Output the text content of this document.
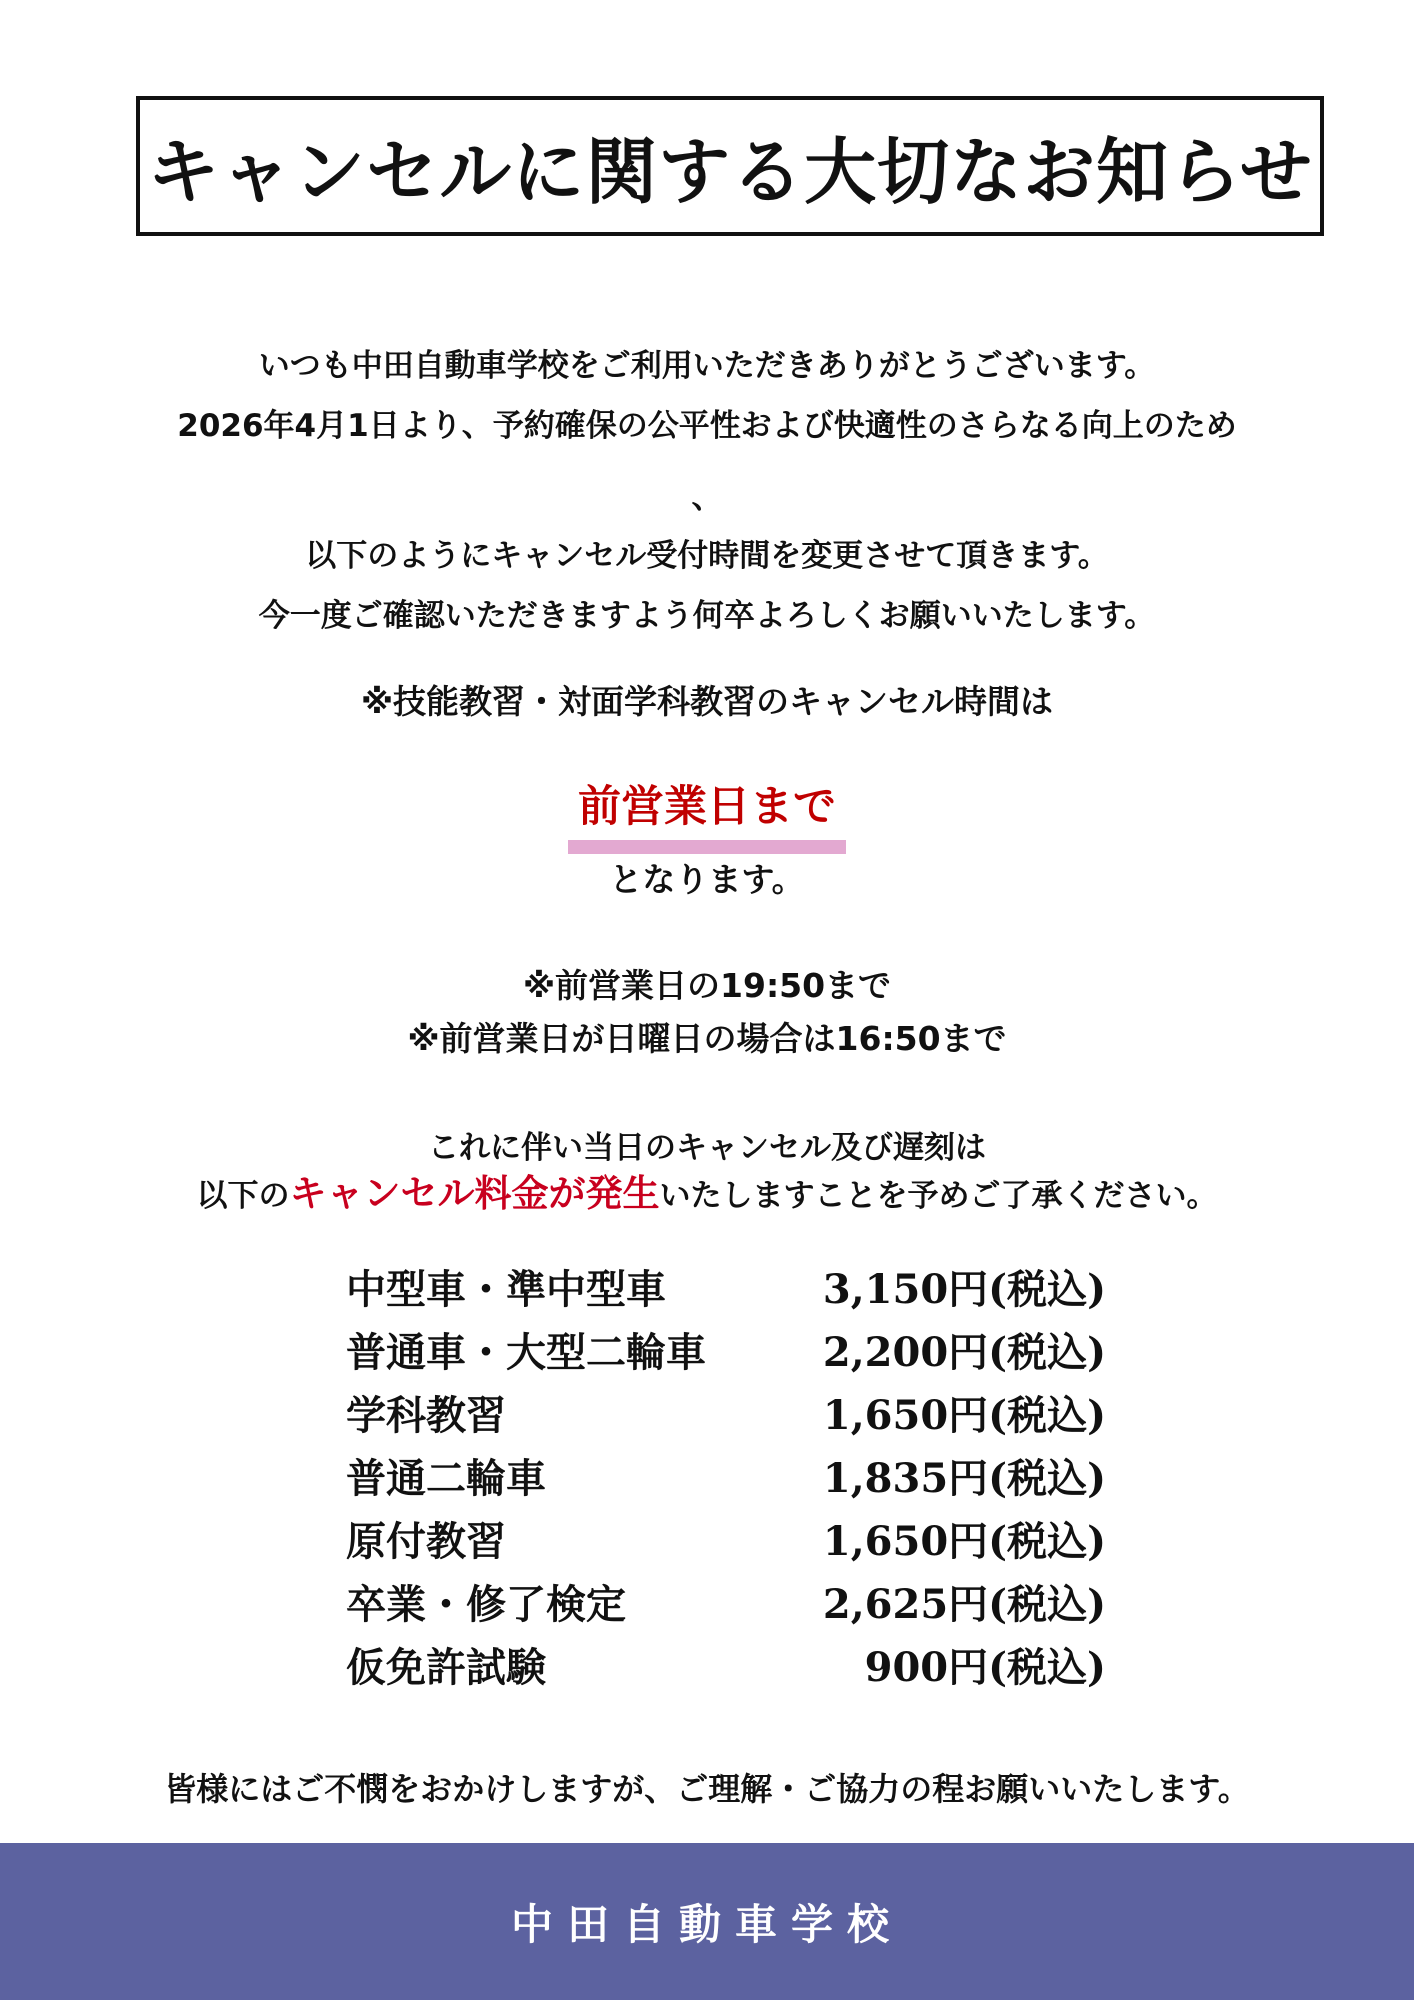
キャンセルに関する大切なお知らせ
いつも中田自動車学校をご利用いただきありがとうございます。
2026年4月1日より、予約確保の公平性および快適性のさらなる向上のため
、
以下のようにキャンセル受付時間を変更させて頂きます。
今一度ご確認いただきますよう何卒よろしくお願いいたします。
※技能教習・対面学科教習のキャンセル時間は
前営業日まで
となります。
※前営業日の19:50まで
※前営業日が日曜日の場合は16:50まで
これに伴い当日のキャンセル及び遅刻は
以下のキャンセル料金が発生いたしますことを予めご了承ください。
中型車・準中型車	3,150円(税込)
普通車・大型二輪車	2,200円(税込)
学科教習	1,650円(税込)
普通二輪車	1,835円(税込)
原付教習	1,650円(税込)
卒業・修了検定	2,625円(税込)
仮免許試験	900円(税込)
皆様にはご不憫をおかけしますが、ご理解・ご協力の程お願いいたします。
中田自動車学校
